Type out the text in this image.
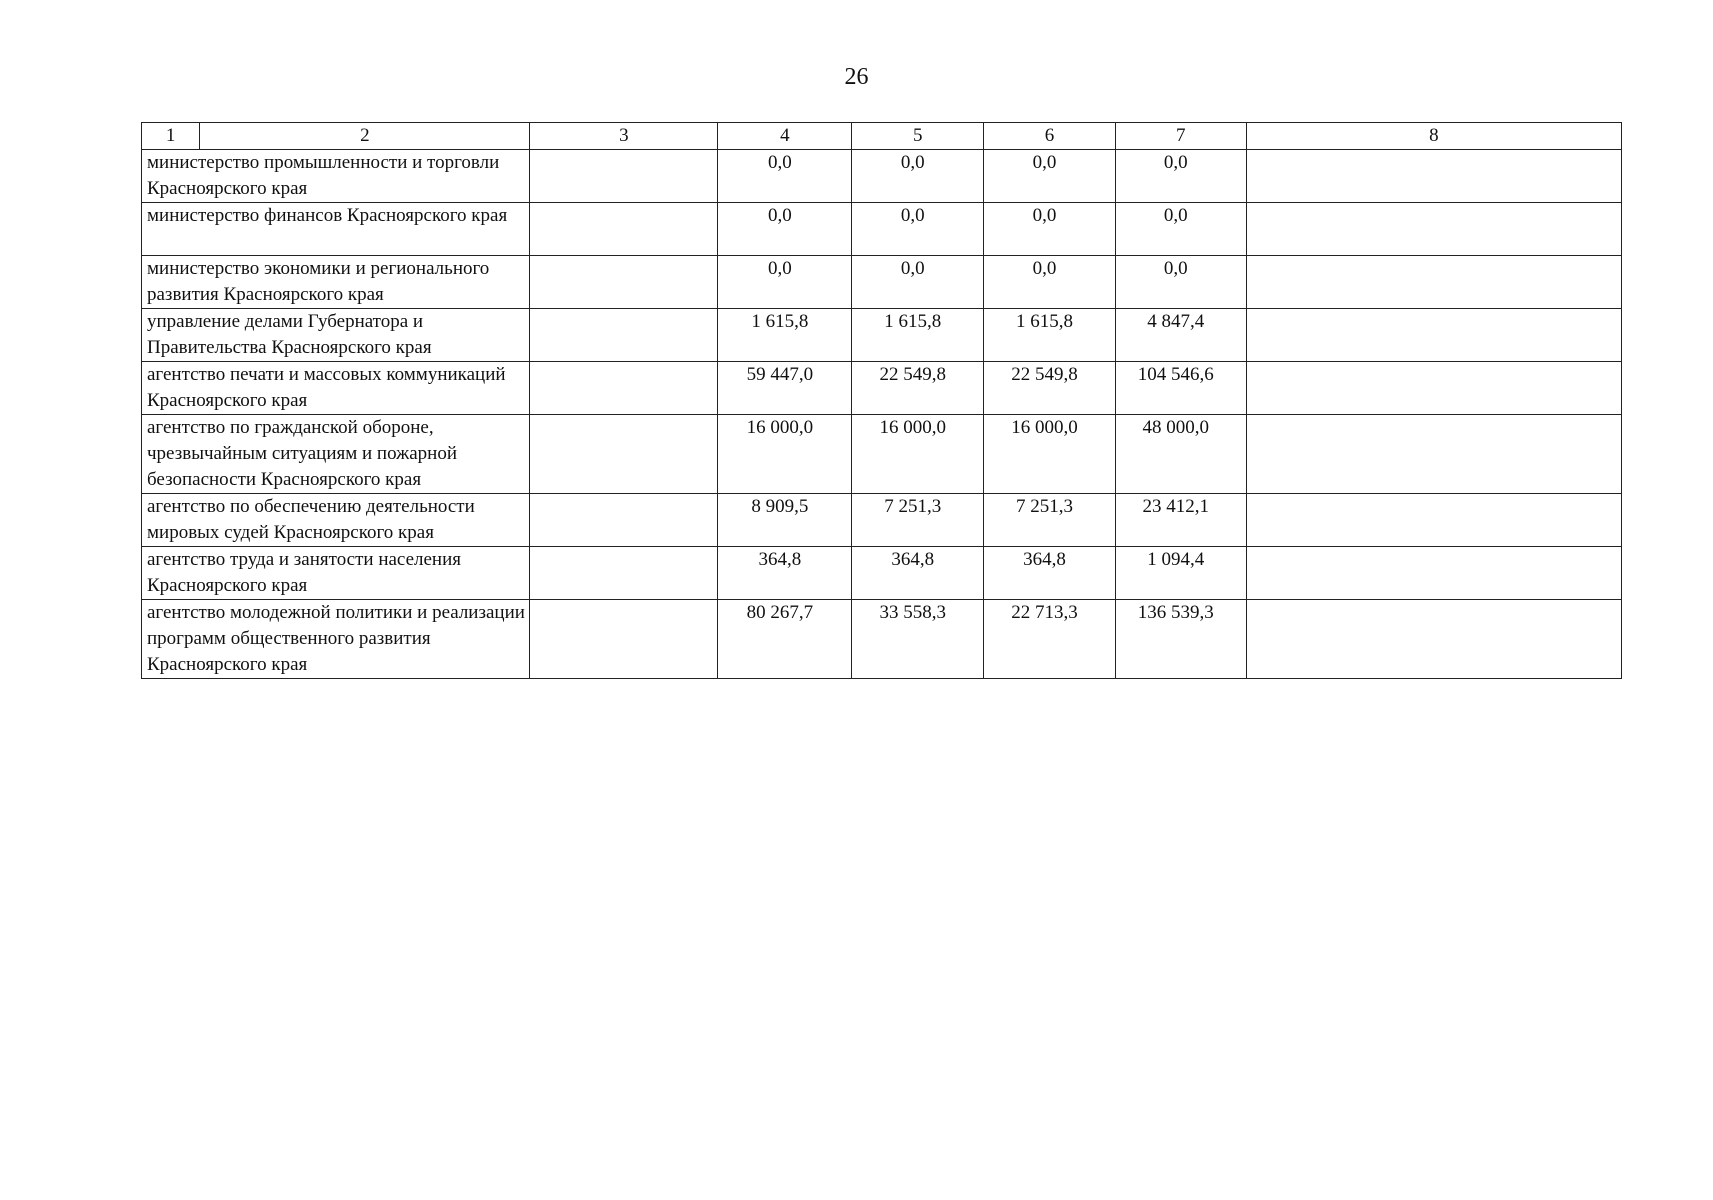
26
1	2	3	4	5	6	7	8
министерство промышленности и торговли Красноярского края			0,0	0,0	0,0	0,0	
министерство финансов Красноярского края			0,0	0,0	0,0	0,0	
министерство экономики и регионального развития Красноярского края			0,0	0,0	0,0	0,0	
управление делами Губернатора и Правительства Красноярского края			1 615,8	1 615,8	1 615,8	4 847,4	
агентство печати и массовых коммуникаций Красноярского края			59 447,0	22 549,8	22 549,8	104 546,6	
агентство по гражданской обороне, чрезвычайным ситуациям и пожарной безопасности Красноярского края			16 000,0	16 000,0	16 000,0	48 000,0	
агентство по обеспечению деятельности мировых судей Красноярского края			8 909,5	7 251,3	7 251,3	23 412,1	
агентство труда и занятости населения Красноярского края			364,8	364,8	364,8	1 094,4	
агентство молодежной политики и реализации программ общественного развития Красноярского края			80 267,7	33 558,3	22 713,3	136 539,3	
